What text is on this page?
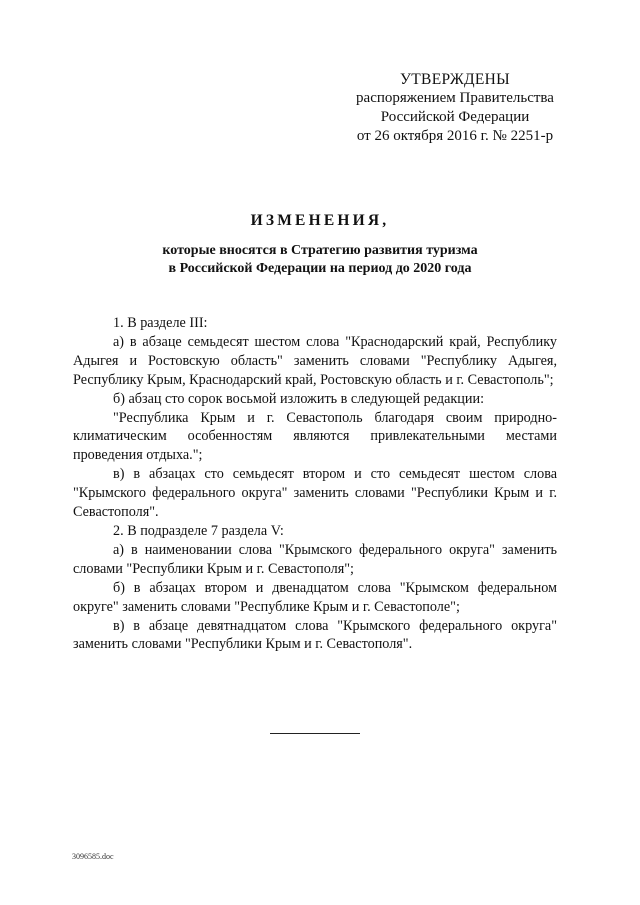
УТВЕРЖДЕНЫ
распоряжением Правительства
Российской Федерации
от 26 октября 2016 г. № 2251-р
ИЗМЕНЕНИЯ,
которые вносятся в Стратегию развития туризма
в Российской Федерации на период до 2020 года

1. В разделе III:

а) в абзаце семьдесят шестом слова "Краснодарский край, Республику Адыгея и Ростовскую область" заменить словами "Республику Адыгея, Республику Крым, Краснодарский край, Ростовскую область и г. Севастополь";

б) абзац сто сорок восьмой изложить в следующей редакции:

"Республика Крым и г. Севастополь благодаря своим природно-климатическим особенностям являются привлекательными местами проведения отдыха.";

в) в абзацах сто семьдесят втором и сто семьдесят шестом слова "Крымского федерального округа" заменить словами "Республики Крым и г. Севастополя".

2. В подразделе 7 раздела V:

а) в наименовании слова "Крымского федерального округа" заменить словами "Республики Крым и г. Севастополя";

б) в абзацах втором и двенадцатом слова "Крымском федеральном округе" заменить словами "Республике Крым и г. Севастополе";

в) в абзаце девятнадцатом слова "Крымского федерального округа" заменить словами "Республики Крым и г. Севастополя".

3096585.doc
